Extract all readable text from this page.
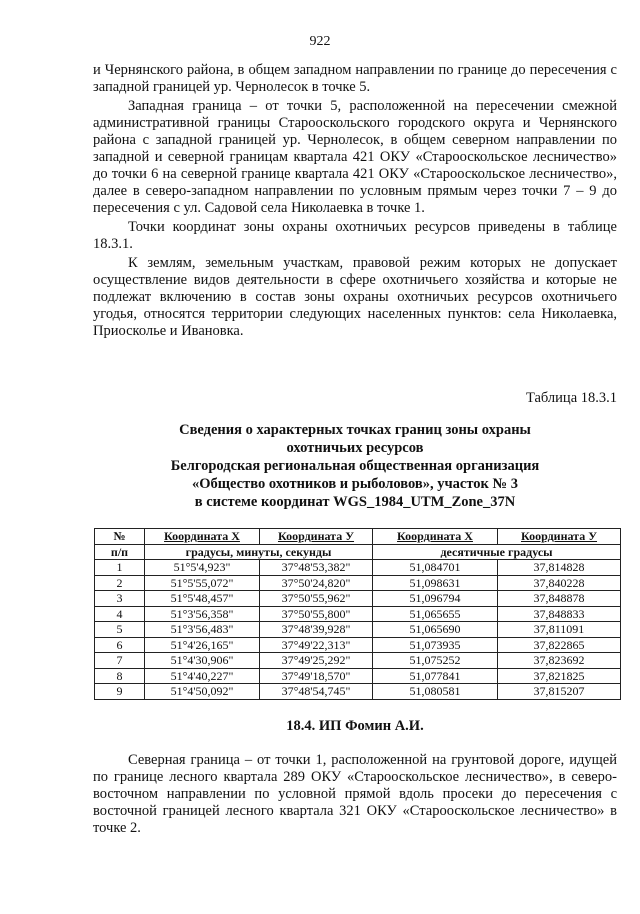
922

и Чернянского района, в общем западном направлении по границе до пересечения с западной границей ур. Чернолесок в точке 5.

Западная граница – от точки 5, расположенной на пересечении смежной административной границы Старооскольского городского округа и Чернянского района с западной границей ур. Чернолесок, в общем северном направлении по западной и северной границам квартала 421 ОКУ «Старооскольское лесничество» до точки 6 на северной границе квартала 421 ОКУ «Старооскольское лесничество», далее в северо-западном направлении по условным прямым через точки 7 – 9 до пересечения с ул. Садовой села Николаевка в точке 1.

Точки координат зоны охраны охотничьих ресурсов приведены в таблице 18.3.1.

К землям, земельным участкам, правовой режим которых не допускает осуществление видов деятельности в сфере охотничьего хозяйства и которые не подлежат включению в состав зоны охраны охотничьих ресурсов охотничьего угодья, относятся территории следующих населенных пунктов: села Николаевка, Приосколье и Ивановка.

Таблица 18.3.1
Сведения о характерных точках границ зоны охраны
охотничьих ресурсов
Белгородская региональная общественная организация
«Общество охотников и рыболовов», участок № 3
в системе координат WGS_1984_UTM_Zone_37N
№	Координата X	Координата У	Координата X	Координата У
п/п	градусы, минуты, секунды		десятичные градусы	
1	51°5'4,923"	37°48'53,382"	51,084701	37,814828
2	51°5'55,072"	37°50'24,820"	51,098631	37,840228
3	51°5'48,457"	37°50'55,962"	51,096794	37,848878
4	51°3'56,358"	37°50'55,800"	51,065655	37,848833
5	51°3'56,483"	37°48'39,928"	51,065690	37,811091
6	51°4'26,165"	37°49'22,313"	51,073935	37,822865
7	51°4'30,906"	37°49'25,292"	51,075252	37,823692
8	51°4'40,227"	37°49'18,570"	51,077841	37,821825
9	51°4'50,092"	37°48'54,745"	51,080581	37,815207
18.4. ИП Фомин А.И.

Северная граница – от точки 1, расположенной на грунтовой дороге, идущей по границе лесного квартала 289 ОКУ «Старооскольское лесничество», в северо-восточном направлении по условной прямой вдоль просеки до пересечения с восточной границей лесного квартала 321 ОКУ «Старооскольское лесничество» в точке 2.
